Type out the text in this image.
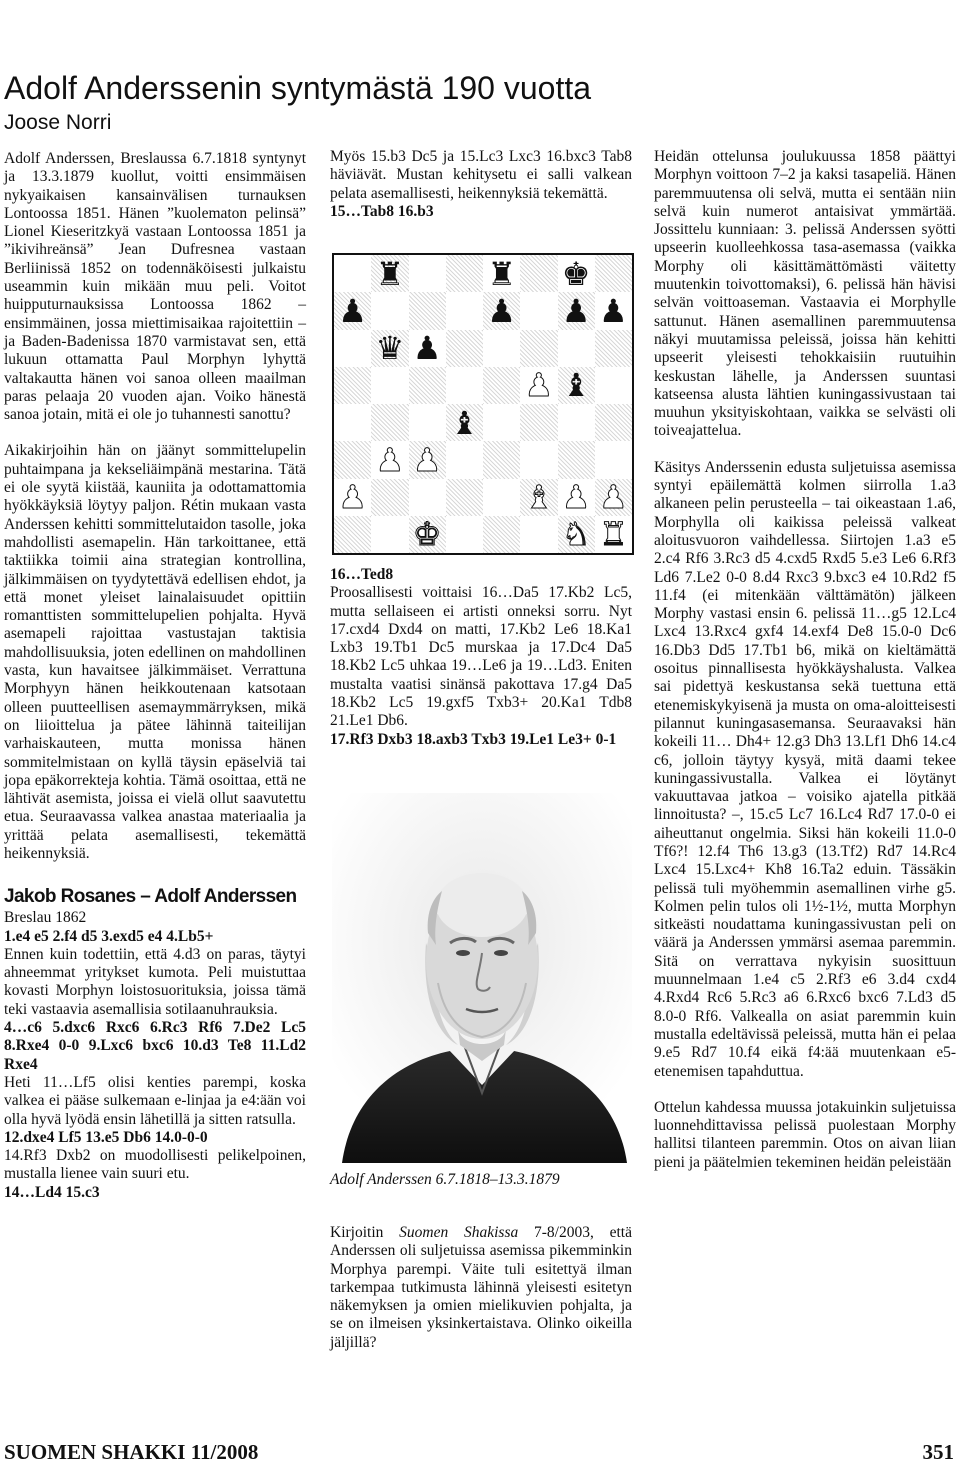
Adolf Anderssenin syntymästä 190 vuotta
Joose Norri

Adolf Anderssen, Breslaussa 6.7.1818 syntynyt ja 13.3.1879 kuollut, voitti ensimmäisen nykyaikaisen kansainvälisen turnauksen Lontoossa 1851. Hänen ”kuolematon pelinsä” Lionel Kieseritzkyä vastaan Lontoossa 1851 ja ”ikivihreänsä” Jean Dufresnea vastaan Berliinissä 1852 on todennäköisesti julkaistu useammin kuin mikään muu peli. Voitot huipputurnauksissa Lontoossa 1862 – ensimmäinen, jossa miettimisaikaa rajoitettiin – ja Baden-Badenissa 1870 varmistavat sen, että lukuun ottamatta Paul Morphyn lyhyttä valtakautta hänen voi sanoa olleen maailman paras pelaaja 20 vuoden ajan. Voiko hänestä sanoa jotain, mitä ei ole jo tuhannesti sanottu?

Aikakirjoihin hän on jäänyt sommittelupelin puhtaimpana ja kekseliäimpänä mestarina. Tätä ei ole syytä kiistää, kauniita ja odottamattomia hyökkäyksiä löytyy paljon. Rétin mukaan vasta Anderssen kehitti sommittelutaidon tasolle, joka mahdollisti asemapelin. Hän tarkoittanee, että taktiikka toimii aina strategian kontrollina, jälkimmäisen on tyydytettävä edellisen ehdot, ja että monet yleiset lainalaisuudet opittiin romanttisten sommittelupelien pohjalta. Hyvä asemapeli rajoittaa vastustajan taktisia mahdollisuuksia, joten edellinen on mahdollinen vasta, kun havaitsee jälkimmäiset. Verrattuna Morphyyn hänen heikkoutenaan katsotaan olleen puutteellisen asemaymmärryksen, mikä on liioittelua ja pätee lähinnä taiteilijan varhaiskauteen, mutta monissa hänen sommitelmistaan on kyllä täysin epäselviä tai jopa epäkorrekteja kohtia. Tämä osoittaa, että ne lähtivät asemista, joissa ei vielä ollut saavutettu etua. Seuraavassa valkea anastaa materiaalia ja yrittää pelata asemallisesti, tekemättä heikennyksiä.

Jakob Rosanes – Adolf Anderssen

Breslau 1862

1.e4 e5 2.f4 d5 3.exd5 e4 4.Lb5+

Ennen kuin todettiin, että 4.d3 on paras, täytyi ahneemmat yritykset kumota. Peli muistuttaa kovasti Morphyn loistosuorituksia, joissa tämä teki vastaavia asemallisia sotilaanuhrauksia.

4…c6 5.dxc6 Rxc6 6.Rc3 Rf6 7.De2 Lc5 8.Rxe4 0-0 9.Lxc6 bxc6 10.d3 Te8 11.Ld2 Rxe4

Heti 11…Lf5 olisi kenties parempi, koska valkea ei pääse sulkemaan e-linjaa ja e4:ään voi olla hyvä lyödä ensin lähetillä ja sitten ratsulla.

12.dxe4 Lf5 13.e5 Db6 14.0-0-0

14.Rf3 Dxb2 on muodollisesti pelikelpoinen, mustalla lienee vain suuri etu.

14…Ld4 15.c3

Myös 15.b3 Dc5 ja 15.Lc3 Lxc3 16.bxc3 Tab8 häviävät. Mustan kehitysetu ei salli valkean pelata asemallisesti, heikennyksiä tekemättä.

15…Tab8 16.b3

♜	♜ ♚
♟	♟ ♟ ♟
♛ ♟
♟ ♝
♝
♟ ♟
♟	♝ ♟ ♟
♚	♞ ♜

16…Ted8

Proosallisesti voittaisi 16…Da5 17.Kb2 Lc5, mutta sellaiseen ei artisti onneksi sorru. Nyt 17.cxd4 Dxd4 on matti, 17.Kb2 Le6 18.Ka1 Lxb3 19.Tb1 Dc5 murskaa ja 17.Dc4 Da5 18.Kb2 Lc5 uhkaa 19…Le6 ja 19…Ld3. Eniten mustalta vaatisi sinänsä pakottava 17.g4 Da5 18.Kb2 Lc5 19.gxf5 Txb3+ 20.Ka1 Tdb8 21.Le1 Db6.

17.Rf3 Dxb3 18.axb3 Txb3 19.Le1 Le3+ 0-1

Adolf Anderssen 6.7.1818–13.3.1879

Kirjoitin Suomen Shakissa 7-8/2003, että Anderssen oli suljetuissa asemissa pikemminkin Morphya parempi. Väite tuli esitettyä ilman tarkempaa tutkimusta lähinnä yleisesti esitetyn näkemyksen ja omien mielikuvien pohjalta, ja se on ilmeisen yksinkertaistava. Olinko oikeilla jäljillä?

Heidän ottelunsa joulukuussa 1858 päättyi Morphyn voittoon 7–2 ja kaksi tasapeliä. Hänen paremmuutensa oli selvä, mutta ei sentään niin selvä kuin numerot antaisivat ymmärtää. Jossittelu kunniaan: 3. pelissä Anderssen syötti upseerin kuolleehkossa tasa-asemassa (vaikka Morphy oli käsittämättömästi väitetty muutenkin toivottomaksi), 6. pelissä hän hävisi selvän voittoaseman. Vastaavia ei Morphylle sattunut. Hänen asemallinen paremmuutensa näkyi muutamissa peleissä, joissa hän kehitti upseerit yleisesti tehokkaisiin ruutuihin keskustan lähelle, ja Anderssen suuntasi katseensa alusta lähtien kuningassivustaan tai muuhun yksityiskohtaan, vaikka se selvästi oli toiveajattelua.

Käsitys Anderssenin edusta suljetuissa asemissa syntyi epäilemättä kolmen siirrolla 1.a3 alkaneen pelin perusteella – tai oikeastaan 1.a6, Morphylla oli kaikissa peleissä valkeat aloitusvuoron vaihdellessa. Siirtojen 1.a3 e5 2.c4 Rf6 3.Rc3 d5 4.cxd5 Rxd5 5.e3 Le6 6.Rf3 Ld6 7.Le2 0-0 8.d4 Rxc3 9.bxc3 e4 10.Rd2 f5 11.f4 (ei mitenkään välttämätön) jälkeen Morphy vastasi ensin 6. pelissä 11…g5 12.Lc4 Lxc4 13.Rxc4 gxf4 14.exf4 De8 15.0-0 Dc6 16.Db3 Dd5 17.Tb1 b6, mikä on kieltämättä osoitus pinnallisesta hyökkäyshalusta. Valkea sai pidettyä keskustansa sekä tuettuna että etenemiskykyisenä ja musta on oma-aloitteisesti pilannut kuningasasemansa. Seuraavaksi hän kokeili 11… Dh4+ 12.g3 Dh3 13.Lf1 Dh6 14.c4 c6, jolloin täytyy kysyä, mitä daami tekee kuningassivustalla. Valkea ei löytänyt vakuuttavaa jatkoa – voisiko ajatella pitkää linnoitusta? –, 15.c5 Lc7 16.Lc4 Rd7 17.0-0 ei aiheuttanut ongelmia. Siksi hän kokeili 11.0-0 Tf6?! 12.f4 Th6 13.g3 (13.Tf2) Rd7 14.Rc4 Lxc4 15.Lxc4+ Kh8 16.Ta2 eduin. Tässäkin pelissä tuli myöhemmin asemallinen virhe g5. Kolmen pelin tulos oli 1½-1½, mutta Morphyn sitkeästi noudattama kuningassivustan peli on väärä ja Anderssen ymmärsi asemaa paremmin. Sitä on verrattava nykyisin suosittuun muunnelmaan 1.e4 c5 2.Rf3 e6 3.d4 cxd4 4.Rxd4 Rc6 5.Rc3 a6 6.Rxc6 bxc6 7.Ld3 d5 8.0-0 Rf6. Valkealla on asiat paremmin kuin mustalla edeltävissä peleissä, mutta hän ei pelaa 9.e5 Rd7 10.f4 eikä f4:ää muutenkaan e5-etenemisen tapahduttua.

Ottelun kahdessa muussa jotakuinkin suljetuissa luonnehdittavissa pelissä puolestaan Morphy hallitsi tilanteen paremmin. Otos on aivan liian pieni ja päätelmien tekeminen heidän peleistään

SUOMEN SHAKKI 11/2008	351
